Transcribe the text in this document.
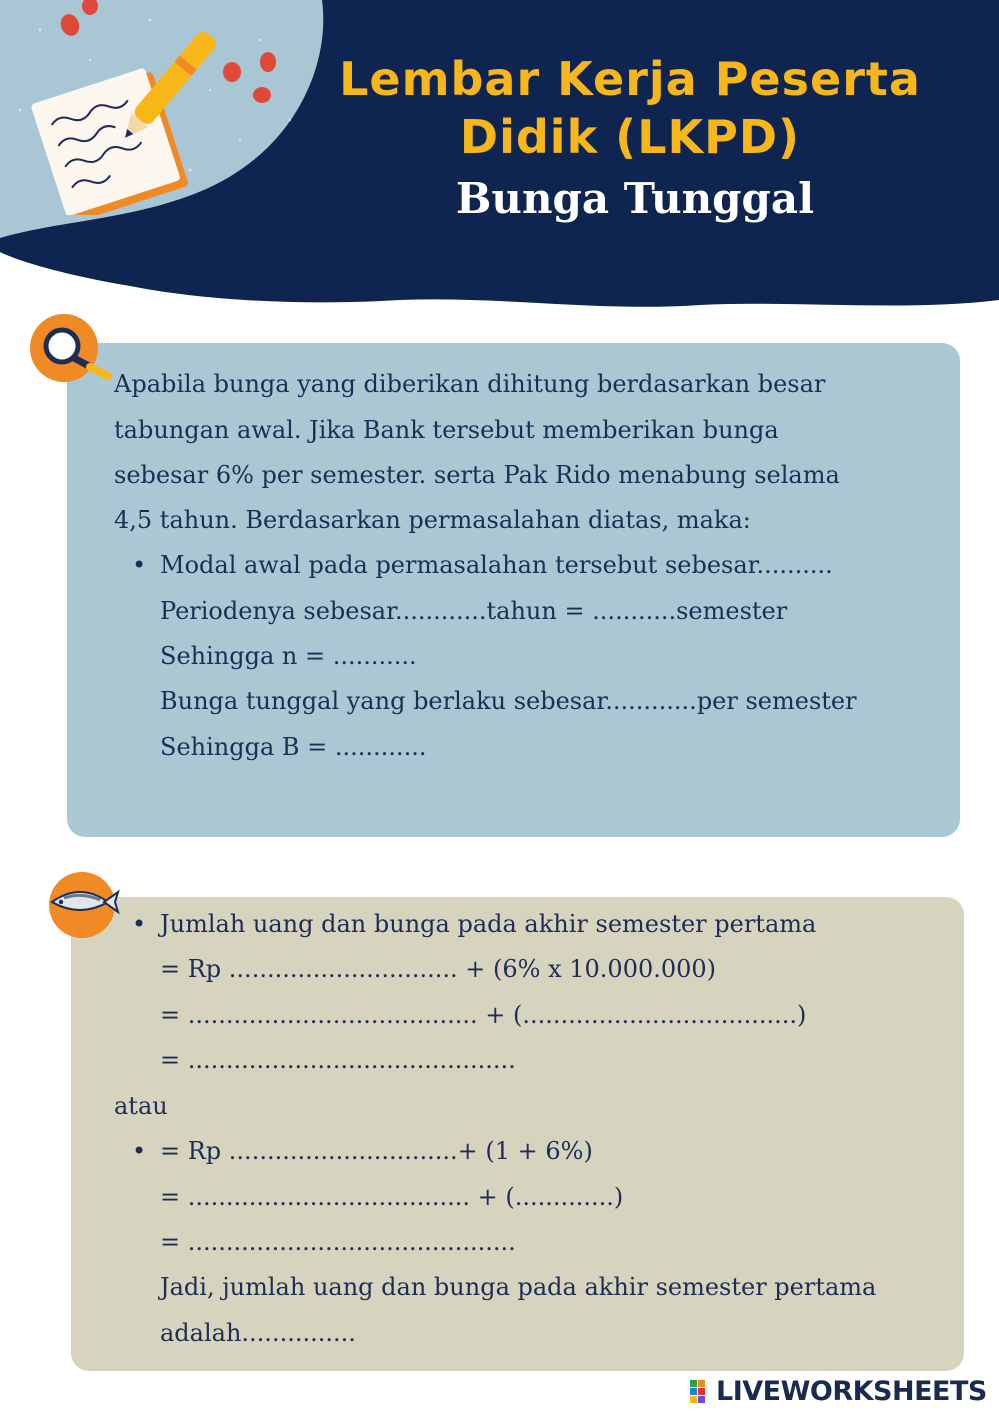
Lembar Kerja Peserta
Didik (LKPD)
Bunga Tunggal
Apabila bunga yang diberikan dihitung berdasarkan besar
tabungan awal. Jika Bank tersebut memberikan bunga
sebesar 6% per semester. serta Pak Rido menabung selama
4,5 tahun. Berdasarkan permasalahan diatas, maka:
• Modal awal pada permasalahan tersebut sebesar..........
Periodenya sebesar............tahun = ...........semester
Sehingga n = ...........
Bunga tunggal yang berlaku sebesar............per semester
Sehingga B = ............
• Jumlah uang dan bunga pada akhir semester pertama
= Rp .............................. + (6% x 10.000.000)
= ...................................... + (....................................)
= ...........................................
atau
• = Rp ..............................+ (1 + 6%)
= ..................................... + (.............)
= ...........................................
Jadi, jumlah uang dan bunga pada akhir semester pertama
adalah...............
LIVEWORKSHEETS
